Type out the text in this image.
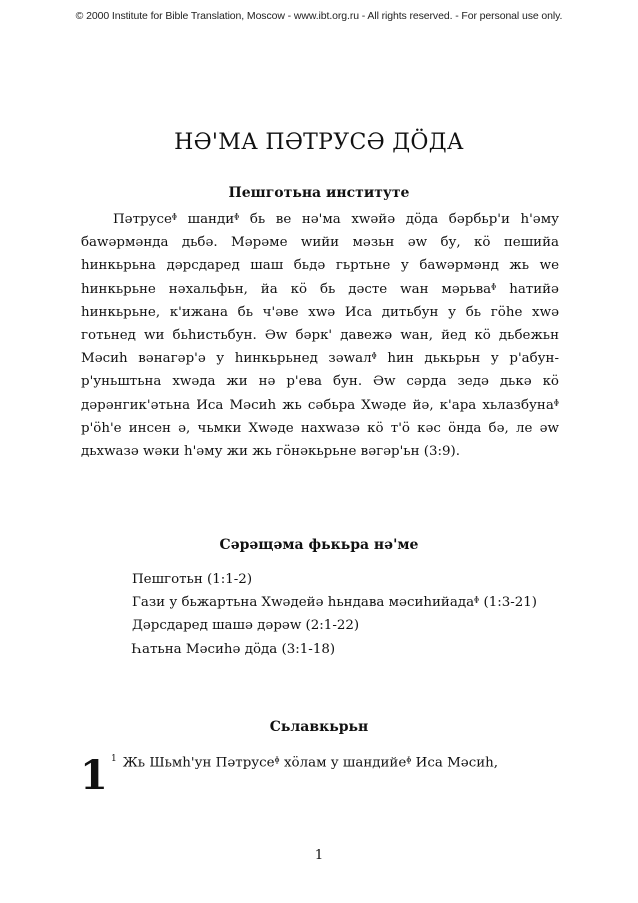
© 2000 Institute for Bible Translation, Moscow - www.ibt.org.ru - All rights reserved. - For personal use only.
НӘ'МА ПӘТРУСӘ ДӦДА
Пешготьна институте

Пәтрусеᶲ шандиᶲ бь ве нә'ма хwәйә дӧда бәрбьр'и һ'әму баwәрмәнда дьбә. Мәрәме wийи мәзьн әw бу, кӧ пешийа һинкьрьна дәрсдаред шаш бьдә гьртьне у баwәрмәнд жь wе һинкьрьне нәхальфьн, йа кӧ бь дәсте wан мәрьваᶲ һатийә һинкьрьне, к'ижана бь ч'әве хwә Иса дитьбун у бь гӧһе хwә готьнед wи бьһистьбун. Әw бәрк' давежә wан, йед кӧ дьбежьн Мәсиһ вәнагәр'ә у һинкьрьнед зәwалᶲ һин дькьрьн у р'абун-р'уньштьна хwәда жи нә р'ева бун. Әw сәрда зедә дькә кӧ дәрәнгик'әтьна Иса Мәсиһ жь сәбьра Хwәде йә, к'ара хьлазбунаᶲ р'ӧһ'е инсен ә, чьмки Хwәде нахwазә кӧ т'ӧ кәс ӧнда бә, ле әw дьхwазә wәки һ'әму жи жь гӧнәкьрьне вәгәр'ьн (3:9).

Сәрәщәма фькьра нә'ме
Пешготьн (1:1-2)
Гази у бьжартьна Хwәдейә һьндава мәсиһийадаᶲ (1:3-21)
Дәрсдаред шашә дәрәw (2:1-22)
Һатьна Мәсиһә дӧда (3:1-18)
Сьлавкьрьн
1 $^1$ Жь Шьмһ'ун Пәтрусеᶲ хӧлам у шандийеᶲ Иса Мәсиһ,
1
